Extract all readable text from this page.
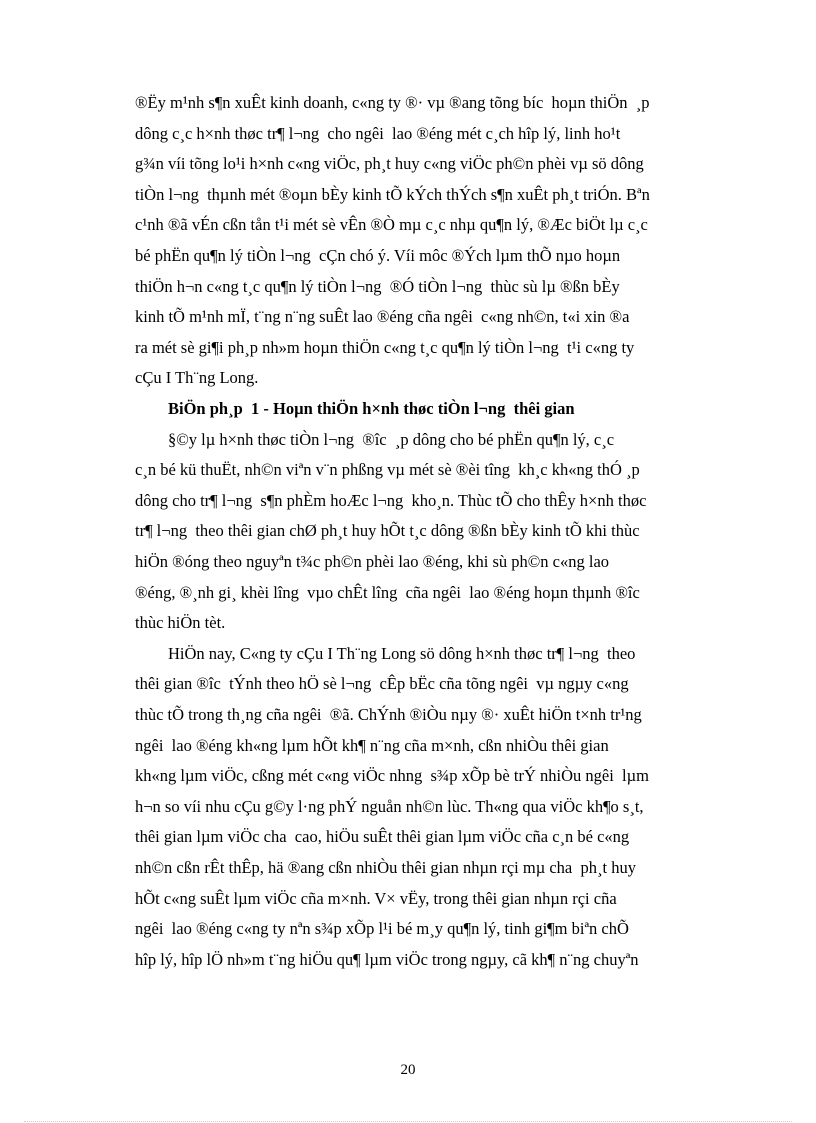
®Ëy m¹nh s¶n xuÊt kinh doanh, c«ng ty ®· vµ ®ang tõng bíc  hoµn thiÖn  ¸p
dông c¸c h×nh thøc tr¶ l¬ng  cho ngêi  lao ®éng mét c¸ch hîp lý, linh ho¹t
g¾n víi tõng lo¹i h×nh c«ng viÖc, ph¸t huy c«ng viÖc ph©n phèi vµ sö dông
tiÒn l¬ng  thµnh mét ®oµn bÈy kinh tÕ kÝch thÝch s¶n xuÊt ph¸t triÓn. Bªn
c¹nh ®ã vÉn cßn tån t¹i mét sè vÊn ®Ò mµ c¸c nhµ qu¶n lý, ®Æc biÖt lµ c¸c
bé phËn qu¶n lý tiÒn l¬ng  cÇn chó ý. Víi môc ®Ých lµm thÕ nµo hoµn
thiÖn h¬n c«ng t¸c qu¶n lý tiÒn l¬ng  ®Ó tiÒn l¬ng  thùc sù lµ ®ßn bÈy
kinh tÕ m¹nh mÏ, t¨ng n¨ng suÊt lao ®éng cña ngêi  c«ng nh©n, t«i xin ®a
ra mét sè gi¶i ph¸p nh»m hoµn thiÖn c«ng t¸c qu¶n lý tiÒn l¬ng  t¹i c«ng ty
cÇu I Th¨ng Long.
BiÖn ph¸p  1 - Hoµn thiÖn h×nh thøc tiÒn l¬ng  thêi gian
§©y lµ h×nh thøc tiÒn l¬ng  ®îc  ¸p dông cho bé phËn qu¶n lý, c¸c
c¸n bé kü thuËt, nh©n viªn v¨n phßng vµ mét sè ®èi tîng  kh¸c kh«ng thÓ ¸p
dông cho tr¶ l¬ng  s¶n phÈm hoÆc l¬ng  kho¸n. Thùc tÕ cho thÊy h×nh thøc
tr¶ l¬ng  theo thêi gian chØ ph¸t huy hÕt t¸c dông ®ßn bÈy kinh tÕ khi thùc
hiÖn ®óng theo nguyªn t¾c ph©n phèi lao ®éng, khi sù ph©n c«ng lao
®éng, ®¸nh gi¸ khèi lîng  vµo chÊt lîng  cña ngêi  lao ®éng hoµn thµnh ®îc
thùc hiÖn tèt.
HiÖn nay, C«ng ty cÇu I Th¨ng Long sö dông h×nh thøc tr¶ l¬ng  theo
thêi gian ®îc  tÝnh theo hÖ sè l¬ng  cÊp bËc cña tõng ngêi  vµ ngµy c«ng
thùc tÕ trong th¸ng cña ngêi  ®ã. ChÝnh ®iÒu nµy ®· xuÊt hiÖn t×nh tr¹ng
ngêi  lao ®éng kh«ng lµm hÕt kh¶ n¨ng cña m×nh, cßn nhiÒu thêi gian
kh«ng lµm viÖc, cßng mét c«ng viÖc nhng  s¾p xÕp bè trÝ nhiÒu ngêi  lµm
h¬n so víi nhu cÇu g©y l·ng phÝ nguån nh©n lùc. Th«ng qua viÖc kh¶o s¸t,
thêi gian lµm viÖc cha  cao, hiÖu suÊt thêi gian lµm viÖc cña c¸n bé c«ng
nh©n cßn rÊt thÊp, hä ®ang cßn nhiÒu thêi gian nhµn rçi mµ cha  ph¸t huy
hÕt c«ng suÊt lµm viÖc cña m×nh. V× vËy, trong thêi gian nhµn rçi cña
ngêi  lao ®éng c«ng ty nªn s¾p xÕp l¹i bé m¸y qu¶n lý, tinh gi¶m biªn chÕ
hîp lý, hîp lÖ nh»m t¨ng hiÖu qu¶ lµm viÖc trong ngµy, cã kh¶ n¨ng chuyªn
20
